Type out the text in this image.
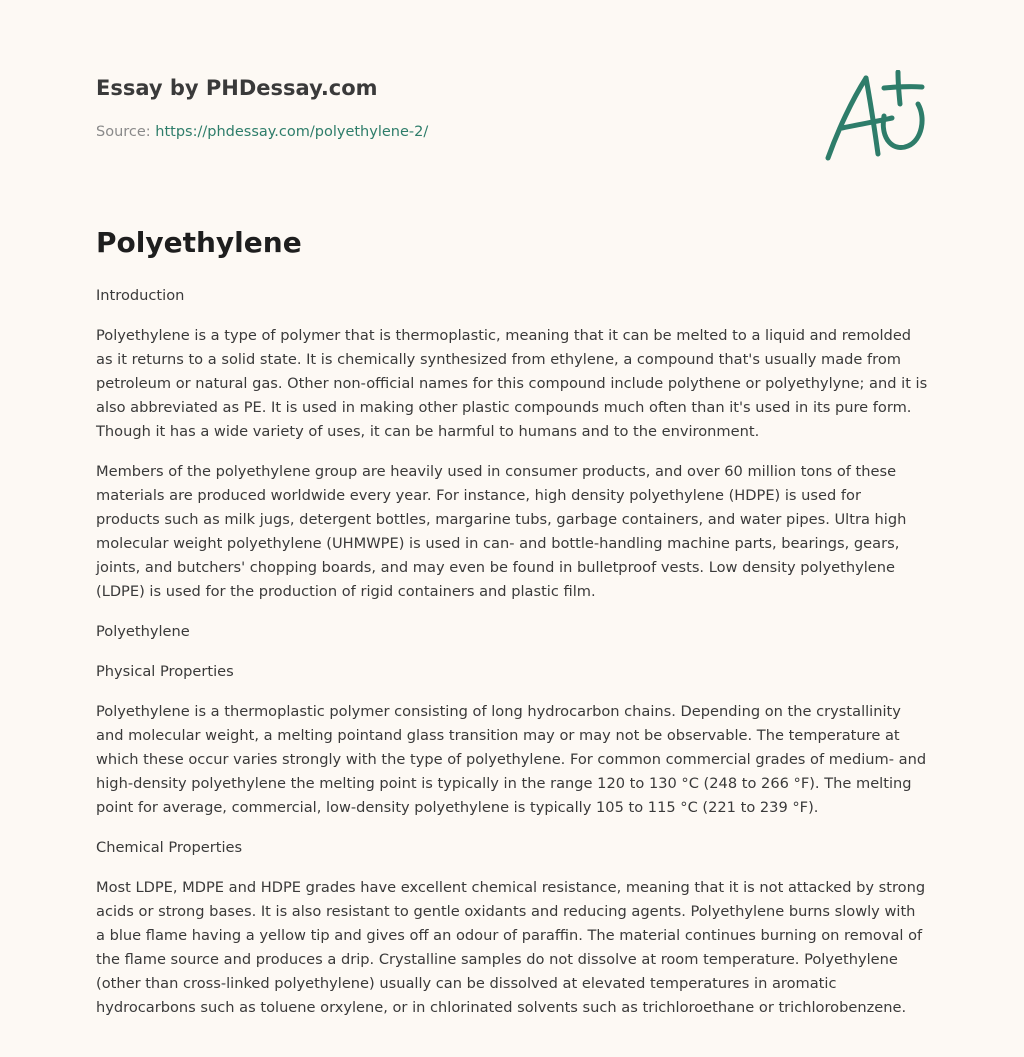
Essay by PHDessay.com
Source: https://phdessay.com/polyethylene-2/
Polyethylene

Introduction

Polyethylene is a type of polymer that is thermoplastic, meaning that it can be melted to a liquid and remolded as it returns to a solid state. It is chemically synthesized from ethylene, a compound that's usually made from petroleum or natural gas. Other non-official names for this compound include polythene or polyethylyne; and it is also abbreviated as PE. It is used in making other plastic compounds much often than it's used in its pure form. Though it has a wide variety of uses, it can be harmful to humans and to the environment.

Members of the polyethylene group are heavily used in consumer products, and over 60 million tons of these materials are produced worldwide every year. For instance, high density polyethylene (HDPE) is used for products such as milk jugs, detergent bottles, margarine tubs, garbage containers, and water pipes. Ultra high molecular weight polyethylene (UHMWPE) is used in can- and bottle-handling machine parts, bearings, gears, joints, and butchers' chopping boards, and may even be found in bulletproof vests. Low density polyethylene (LDPE) is used for the production of rigid containers and plastic film.

Polyethylene

Physical Properties

Polyethylene is a thermoplastic polymer consisting of long hydrocarbon chains. Depending on the crystallinity and molecular weight, a melting pointand glass transition may or may not be observable. The temperature at which these occur varies strongly with the type of polyethylene. For common commercial grades of medium- and high-density polyethylene the melting point is typically in the range 120 to 130 °C (248 to 266 °F). The melting point for average, commercial, low-density polyethylene is typically 105 to 115 °C (221 to 239 °F).

Chemical Properties

Most LDPE, MDPE and HDPE grades have excellent chemical resistance, meaning that it is not attacked by strong acids or strong bases. It is also resistant to gentle oxidants and reducing agents. Polyethylene burns slowly with a blue flame having a yellow tip and gives off an odour of paraffin. The material continues burning on removal of the flame source and produces a drip. Crystalline samples do not dissolve at room temperature. Polyethylene (other than cross-linked polyethylene) usually can be dissolved at elevated temperatures in aromatic hydrocarbons such as toluene orxylene, or in chlorinated solvents such as trichloroethane or trichlorobenzene.
